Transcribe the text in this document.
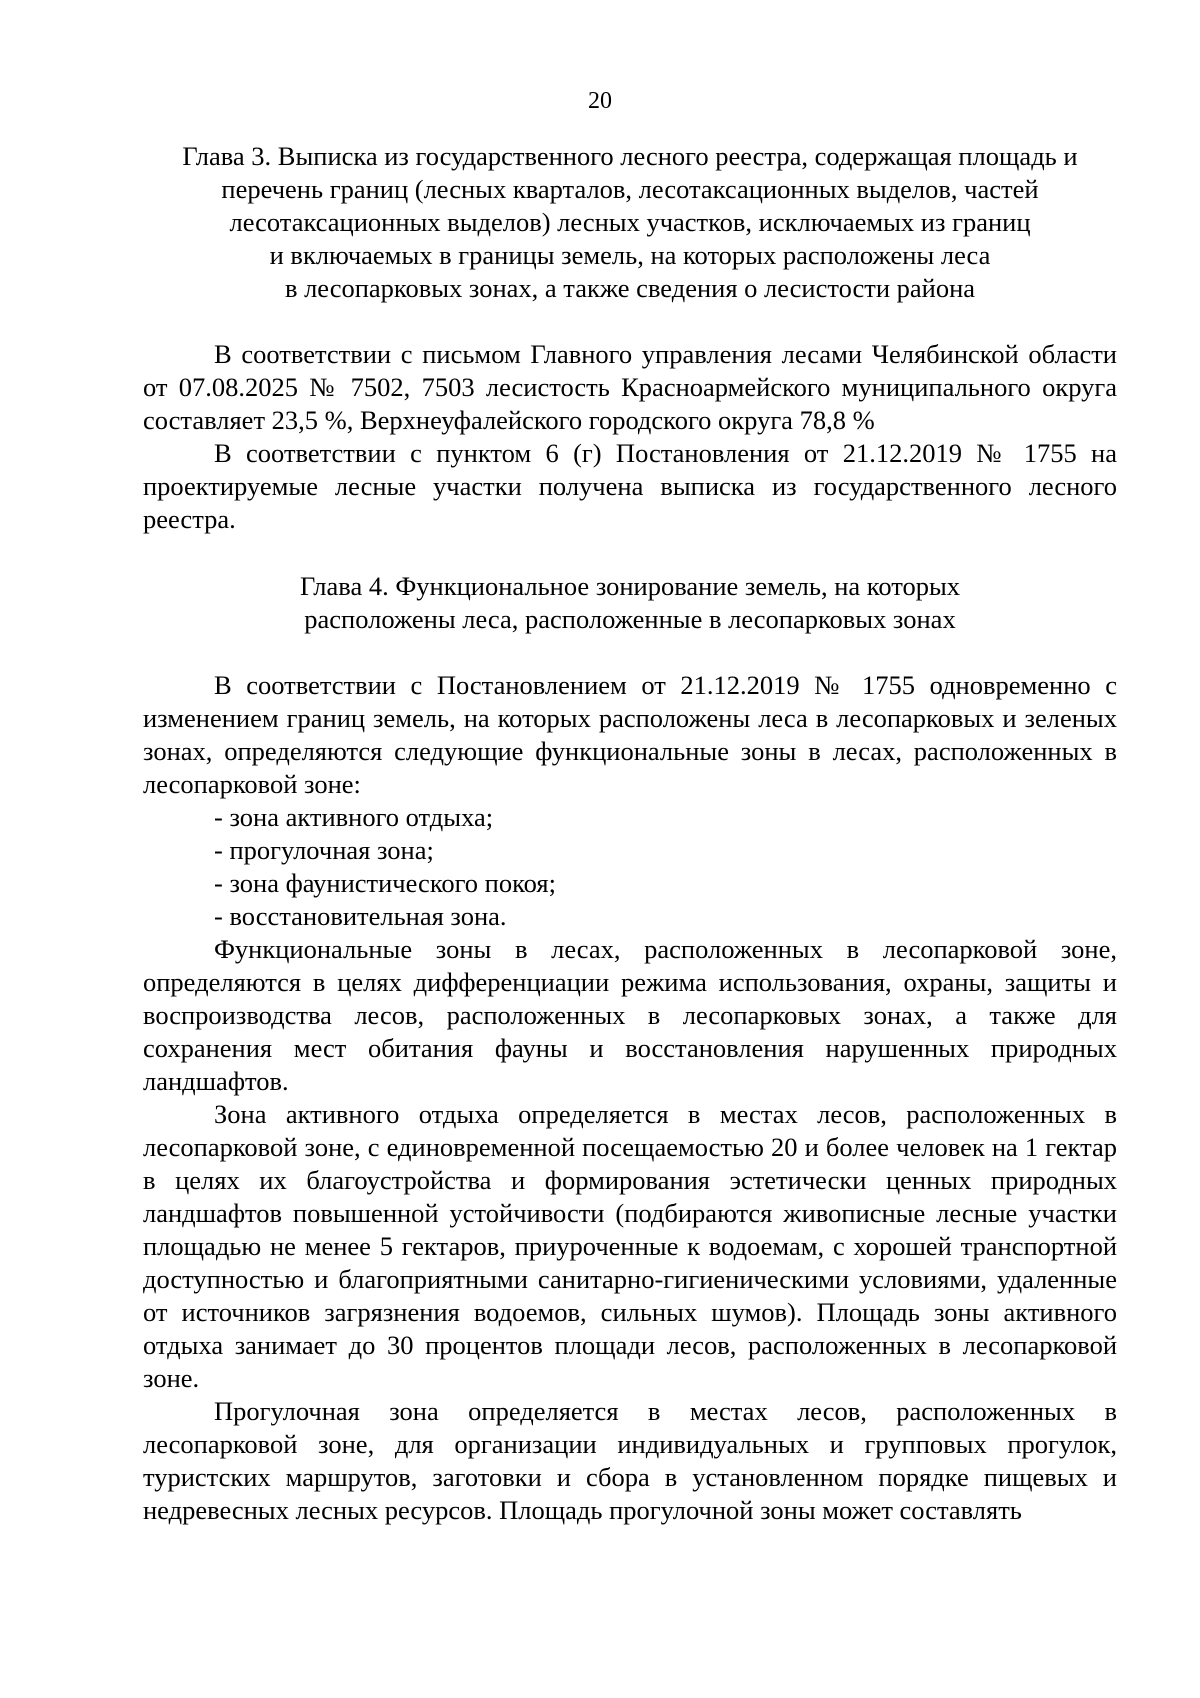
20
Глава 3. Выписка из государственного лесного реестра, содержащая площадь и
перечень границ (лесных кварталов, лесотаксационных выделов, частей
лесотаксационных выделов) лесных участков, исключаемых из границ
и включаемых в границы земель, на которых расположены леса
в лесопарковых зонах, а также сведения о лесистости района

В соответствии с письмом Главного управления лесами Челябинской области от 07.08.2025 № 7502, 7503 лесистость Красноармейского муниципального округа составляет 23,5 %, Верхнеуфалейского городского округа 78,8 %

В соответствии с пунктом 6 (г) Постановления от 21.12.2019 № 1755 на проектируемые лесные участки получена выписка из государственного лесного реестра.

Глава 4. Функциональное зонирование земель, на которых
расположены леса, расположенные в лесопарковых зонах

В соответствии с Постановлением от 21.12.2019 № 1755 одновременно с изменением границ земель, на которых расположены леса в лесопарковых и зеленых зонах, определяются следующие функциональные зоны в лесах, расположенных в лесопарковой зоне:

- зона активного отдыха;

- прогулочная зона;

- зона фаунистического покоя;

- восстановительная зона.

Функциональные зоны в лесах, расположенных в лесопарковой зоне, определяются в целях дифференциации режима использования, охраны, защиты и воспроизводства лесов, расположенных в лесопарковых зонах, а также для сохранения мест обитания фауны и восстановления нарушенных природных ландшафтов.

Зона активного отдыха определяется в местах лесов, расположенных в лесопарковой зоне, с единовременной посещаемостью 20 и более человек на 1 гектар в целях их благоустройства и формирования эстетически ценных природных ландшафтов повышенной устойчивости (подбираются живописные лесные участки площадью не менее 5 гектаров, приуроченные к водоемам, с хорошей транспортной доступностью и благоприятными санитарно-гигиеническими условиями, удаленные от источников загрязнения водоемов, сильных шумов). Площадь зоны активного отдыха занимает до 30 процентов площади лесов, расположенных в лесопарковой зоне.

Прогулочная зона определяется в местах лесов, расположенных в лесопарковой зоне, для организации индивидуальных и групповых прогулок, туристских маршрутов, заготовки и сбора в установленном порядке пищевых и недревесных лесных ресурсов. Площадь прогулочной зоны может составлять
